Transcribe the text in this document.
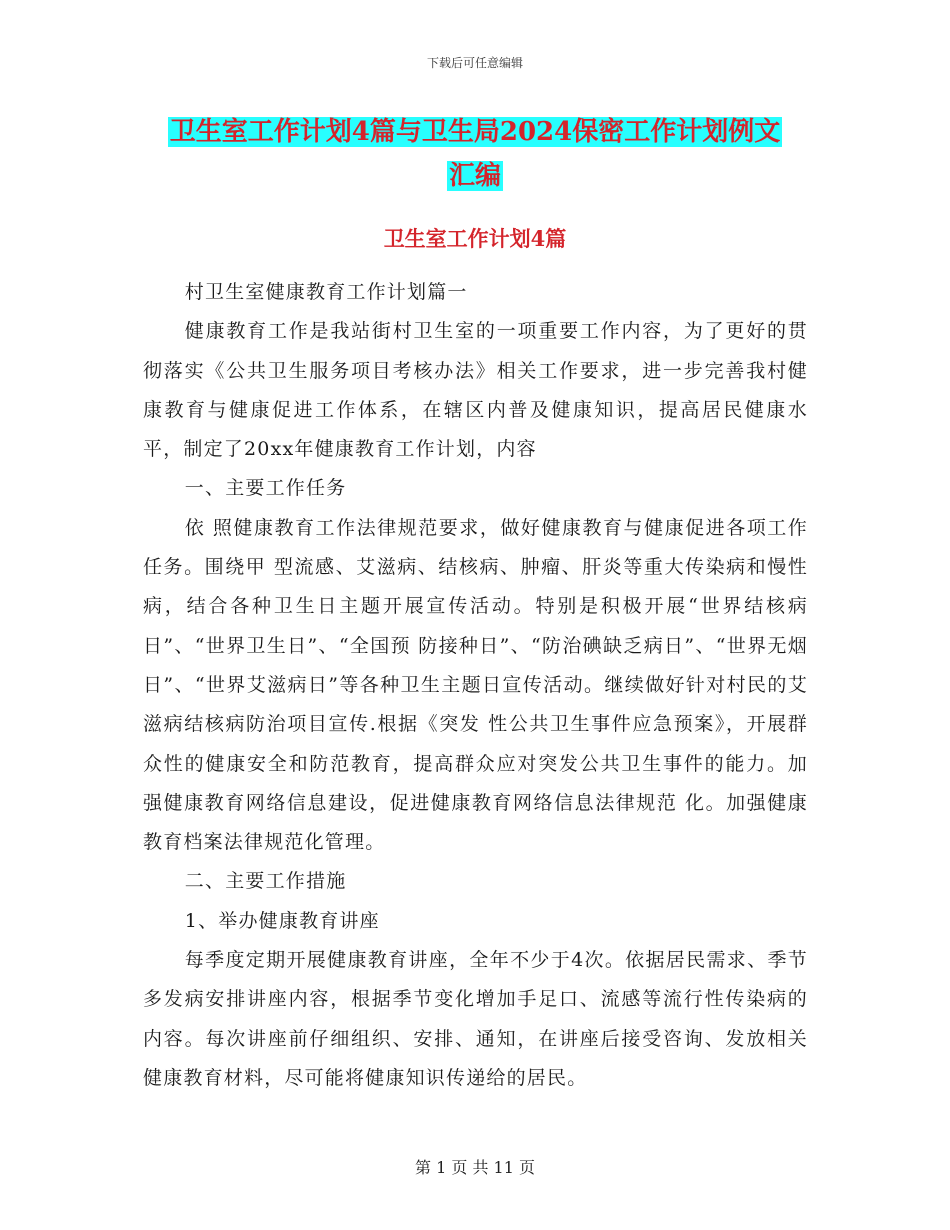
下载后可任意编辑
卫生室工作计划4篇与卫生局2024保密工作计划例文
汇编
卫生室工作计划4篇

村卫生室健康教育工作计划篇一

健康教育工作是我站街村卫生室的一项重要工作内容，为了更好的贯彻落实《公共卫生服务项目考核办法》相关工作要求，进一步完善我村健康教育与健康促进工作体系，在辖区内普及健康知识，提高居民健康水平，制定了20xx年健康教育工作计划，内容

一、主要工作任务

依 照健康教育工作法律规范要求，做好健康教育与健康促进各项工作任务。围绕甲 型流感、艾滋病、结核病、肿瘤、肝炎等重大传染病和慢性病，结合各种卫生日主题开展宣传活动。特别是积极开展“世界结核病日”、“世界卫生日”、“全国预 防接种日”、“防治碘缺乏病日”、“世界无烟日”、“世界艾滋病日”等各种卫生主题日宣传活动。继续做好针对村民的艾滋病结核病防治项目宣传.根据《突发 性公共卫生事件应急预案》，开展群众性的健康安全和防范教育，提高群众应对突发公共卫生事件的能力。加强健康教育网络信息建设，促进健康教育网络信息法律规范 化。加强健康教育档案法律规范化管理。

二、主要工作措施

1、举办健康教育讲座

每季度定期开展健康教育讲座，全年不少于4次。依据居民需求、季节多发病安排讲座内容，根据季节变化增加手足口、流感等流行性传染病的内容。每次讲座前仔细组织、安排、通知，在讲座后接受咨询、发放相关健康教育材料，尽可能将健康知识传递给的居民。

第 1 页 共 11 页
